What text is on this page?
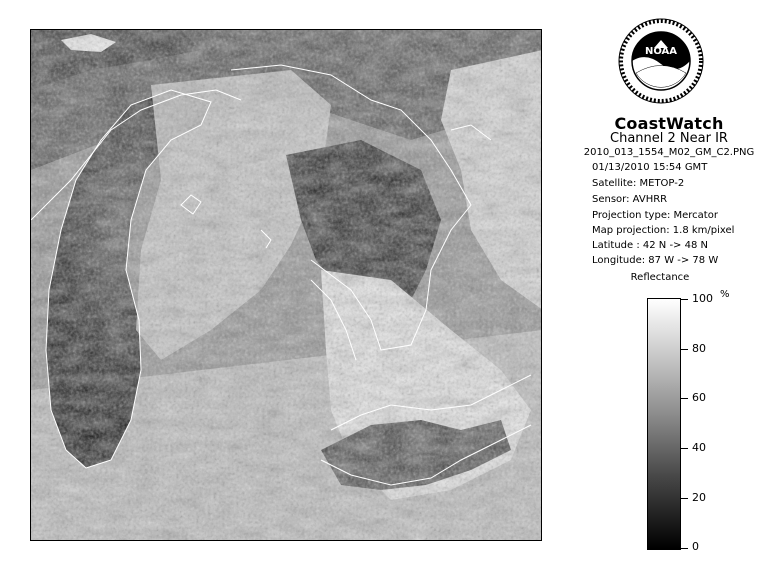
NOAA
CoastWatch
Channel 2 Near IR
2010_013_1554_M02_GM_C2.PNG
01/13/2010 15:54 GMT
Satellite: METOP-2
Sensor: AVHRR
Projection type: Mercator
Map projection: 1.8 km/pixel
Latitude : 42 N -> 48 N
Longitude: 87 W -> 78 W
Reflectance
%
100
80
60
40
20
0
